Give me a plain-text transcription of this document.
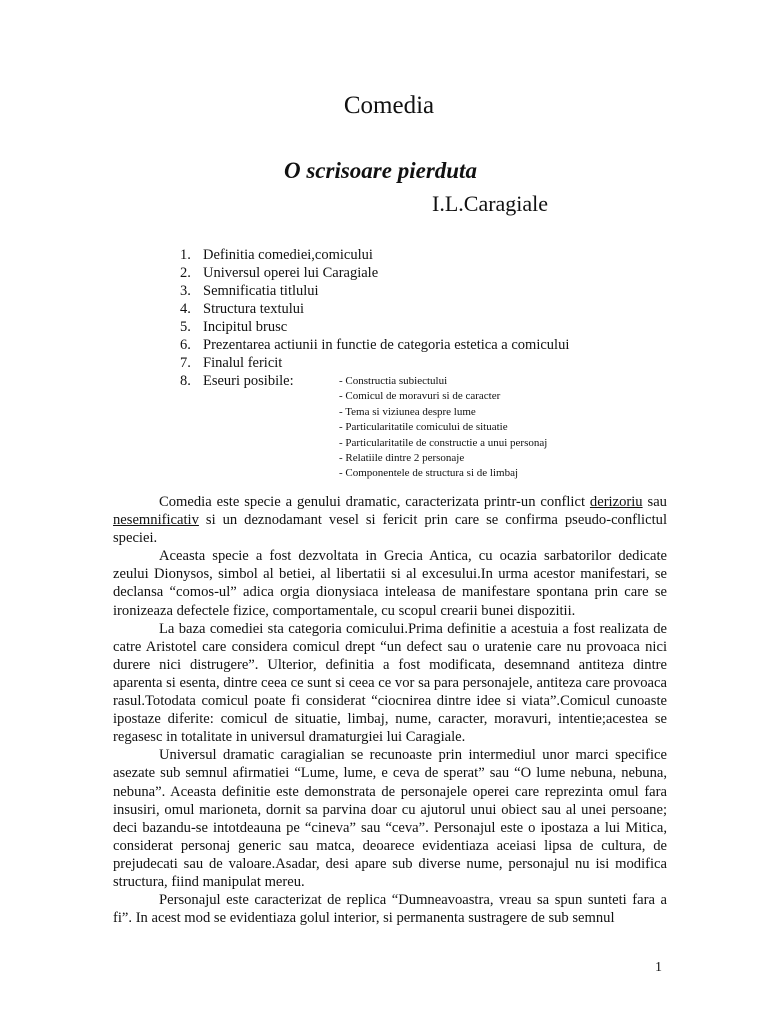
Comedia
O scrisoare pierduta
I.L.Caragiale
1. Definitia comediei,comicului
2. Universul operei lui Caragiale
3. Semnificatia titlului
4. Structura textului
5. Incipitul brusc
6. Prezentarea actiunii in functie de categoria estetica a comicului
7. Finalul fericit
8. Eseuri posibile:	- Constructia subiectului
- Comicul de moravuri si de caracter
- Tema si viziunea despre lume
- Particularitatile comicului de situatie
- Particularitatile de constructie a unui personaj
- Relatiile dintre 2 personaje
- Componentele de structura si de limbaj

Comedia este specie a genului dramatic, caracterizata printr-un conflict derizoriu sau nesemnificativ si un deznodamant vesel si fericit prin care se confirma pseudo-conflictul speciei.

Aceasta specie a fost dezvoltata in Grecia Antica, cu ocazia sarbatorilor dedicate zeului Dionysos, simbol al betiei, al libertatii si al excesului.In urma acestor manifestari, se declansa “comos-ul” adica orgia dionysiaca inteleasa de manifestare spontana prin care se ironizeaza defectele fizice, comportamentale, cu scopul crearii bunei dispozitii.

La baza comediei sta categoria comicului.Prima definitie a acestuia a fost realizata de catre Aristotel care considera comicul drept “un defect sau o uratenie care nu provoaca nici durere nici distrugere”. Ulterior, definitia a fost modificata, desemnand antiteza dintre aparenta si esenta, dintre ceea ce sunt si ceea ce vor sa para personajele, antiteza care provoaca rasul.Totodata comicul poate fi considerat “ciocnirea dintre idee si viata”.Comicul cunoaste ipostaze diferite: comicul de situatie, limbaj, nume, caracter, moravuri, intentie;acestea se regasesc in totalitate in universul dramaturgiei lui Caragiale.

Universul dramatic caragialian se recunoaste prin intermediul unor marci specifice asezate sub semnul afirmatiei “Lume, lume, e ceva de sperat” sau “O lume nebuna, nebuna, nebuna”. Aceasta definitie este demonstrata de personajele operei care reprezinta omul fara insusiri, omul marioneta, dornit sa parvina doar cu ajutorul unui obiect sau al unei persoane; deci bazandu-se intotdeauna pe “cineva” sau “ceva”. Personajul este o ipostaza a lui Mitica, considerat personaj generic sau matca, deoarece evidentiaza aceiasi lipsa de cultura, de prejudecati sau de valoare.Asadar, desi apare sub diverse nume, personajul nu isi modifica structura, fiind manipulat mereu.

Personajul este caracterizat de replica “Dumneavoastra, vreau sa spun sunteti fara a fi”. In acest mod se evidentiaza golul interior, si permanenta sustragere de sub semnul

1
